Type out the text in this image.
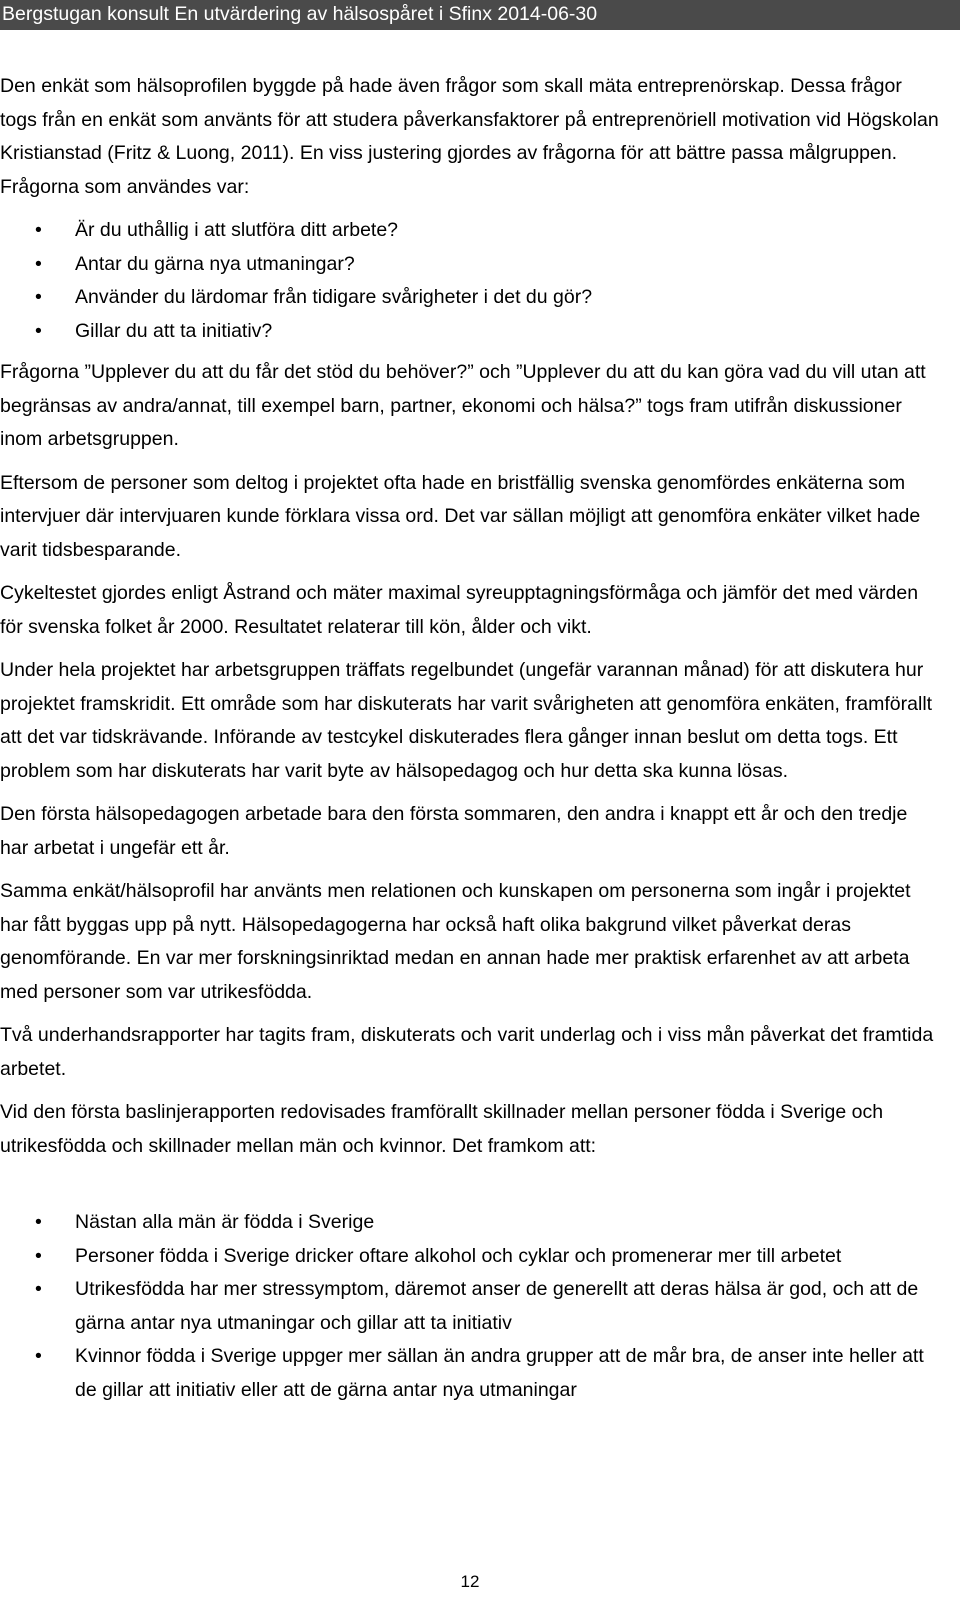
Bergstugan konsult En utvärdering av hälsospåret i Sfinx 2014-06-30

Den enkät som hälsoprofilen byggde på hade även frågor som skall mäta entreprenörskap. Dessa frågor togs från en enkät som använts för att studera påverkansfaktorer på entreprenöriell motivation vid Högskolan Kristianstad (Fritz & Luong, 2011). En viss justering gjordes av frågorna för att bättre passa målgruppen. Frågorna som användes var:

• Är du uthållig i att slutföra ditt arbete?
• Antar du gärna nya utmaningar?
• Använder du lärdomar från tidigare svårigheter i det du gör?
• Gillar du att ta initiativ?

Frågorna ”Upplever du att du får det stöd du behöver?” och ”Upplever du att du kan göra vad du vill utan att begränsas av andra/annat, till exempel barn, partner, ekonomi och hälsa?” togs fram utifrån diskussioner inom arbetsgruppen.

Eftersom de personer som deltog i projektet ofta hade en bristfällig svenska genomfördes enkäterna som intervjuer där intervjuaren kunde förklara vissa ord. Det var sällan möjligt att genomföra enkäter vilket hade varit tidsbesparande.

Cykeltestet gjordes enligt Åstrand och mäter maximal syreupptagningsförmåga och jämför det med värden för svenska folket år 2000. Resultatet relaterar till kön, ålder och vikt.

Under hela projektet har arbetsgruppen träffats regelbundet (ungefär varannan månad) för att diskutera hur projektet framskridit. Ett område som har diskuterats har varit svårigheten att genomföra enkäten, framförallt att det var tidskrävande. Införande av testcykel diskuterades flera gånger innan beslut om detta togs. Ett problem som har diskuterats har varit byte av hälsopedagog och hur detta ska kunna lösas.

Den första hälsopedagogen arbetade bara den första sommaren, den andra i knappt ett år och den tredje har arbetat i ungefär ett år.

Samma enkät/hälsoprofil har använts men relationen och kunskapen om personerna som ingår i projektet har fått byggas upp på nytt. Hälsopedagogerna har också haft olika bakgrund vilket påverkat deras genomförande. En var mer forskningsinriktad medan en annan hade mer praktisk erfarenhet av att arbeta med personer som var utrikesfödda.

Två underhandsrapporter har tagits fram, diskuterats och varit underlag och i viss mån påverkat det framtida arbetet.

Vid den första baslinjerapporten redovisades framförallt skillnader mellan personer födda i Sverige och utrikesfödda och skillnader mellan män och kvinnor. Det framkom att:

• Nästan alla män är födda i Sverige
• Personer födda i Sverige dricker oftare alkohol och cyklar och promenerar mer till arbetet
• Utrikesfödda har mer stressymptom, däremot anser de generellt att deras hälsa är god, och att de gärna antar nya utmaningar och gillar att ta initiativ
• Kvinnor födda i Sverige uppger mer sällan än andra grupper att de mår bra, de anser inte heller att de gillar att initiativ eller att de gärna antar nya utmaningar
12
